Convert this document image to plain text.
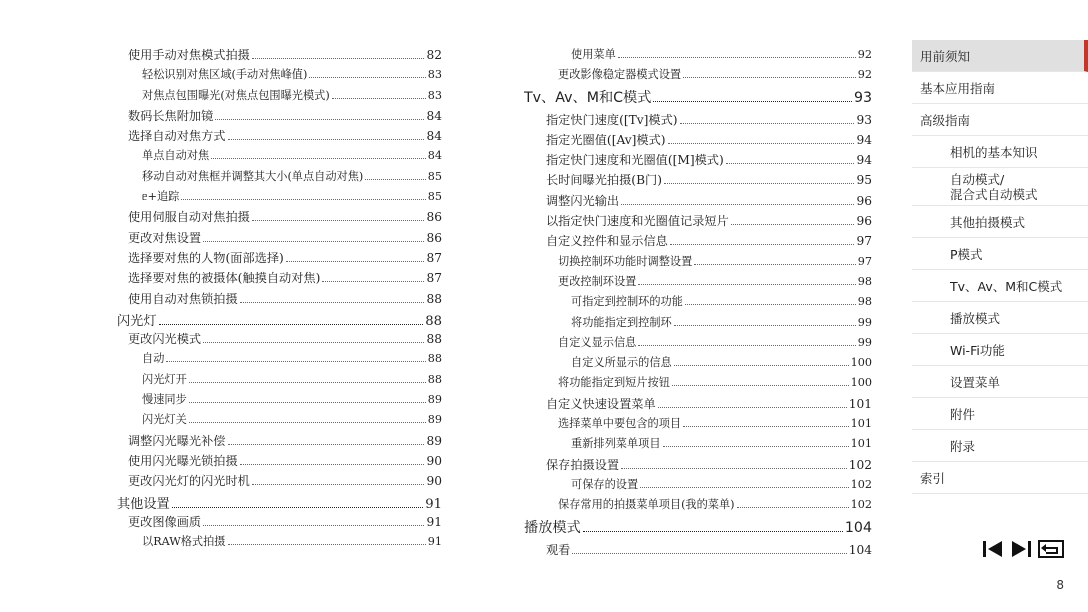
使用手动对焦模式拍摄	82
轻松识别对焦区域(手动对焦峰值)	83
对焦点包围曝光(对焦点包围曝光模式)	83
数码长焦附加镜	84
选择自动对焦方式	84
单点自动对焦	84
移动自动对焦框并调整其大小(单点自动对焦)	85
ᥱ+追踪	85
使用伺服自动对焦拍摄	86
更改对焦设置	86
选择要对焦的人物(面部选择)	87
选择要对焦的被摄体(触摸自动对焦)	87
使用自动对焦锁拍摄	88
闪光灯	88
更改闪光模式	88
自动	88
闪光灯开	88
慢速同步	89
闪光灯关	89
调整闪光曝光补偿	89
使用闪光曝光锁拍摄	90
更改闪光灯的闪光时机	90
其他设置	91
更改图像画质	91
以RAW格式拍摄	91
使用菜单	92
更改影像稳定器模式设置	92
Tv、Av、M和C模式	93
指定快门速度([Tv]模式)	93
指定光圈值([Av]模式)	94
指定快门速度和光圈值([M]模式)	94
长时间曝光拍摄(B门)	95
调整闪光输出	96
以指定快门速度和光圈值记录短片	96
自定义控件和显示信息	97
切换控制环功能时调整设置	97
更改控制环设置	98
可指定到控制环的功能	98
将功能指定到控制环	99
自定义显示信息	99
自定义所显示的信息	100
将功能指定到短片按钮	100
自定义快速设置菜单	101
选择菜单中要包含的项目	101
重新排列菜单项目	101
保存拍摄设置	102
可保存的设置	102
保存常用的拍摄菜单项目(我的菜单)	102
播放模式	104
观看	104
用前须知
基本应用指南
高级指南
相机的基本知识
自动模式/
混合式自动模式
其他拍摄模式
P模式
Tv、Av、M和C模式
播放模式
Wi-Fi功能
设置菜单
附件
附录
索引
8
